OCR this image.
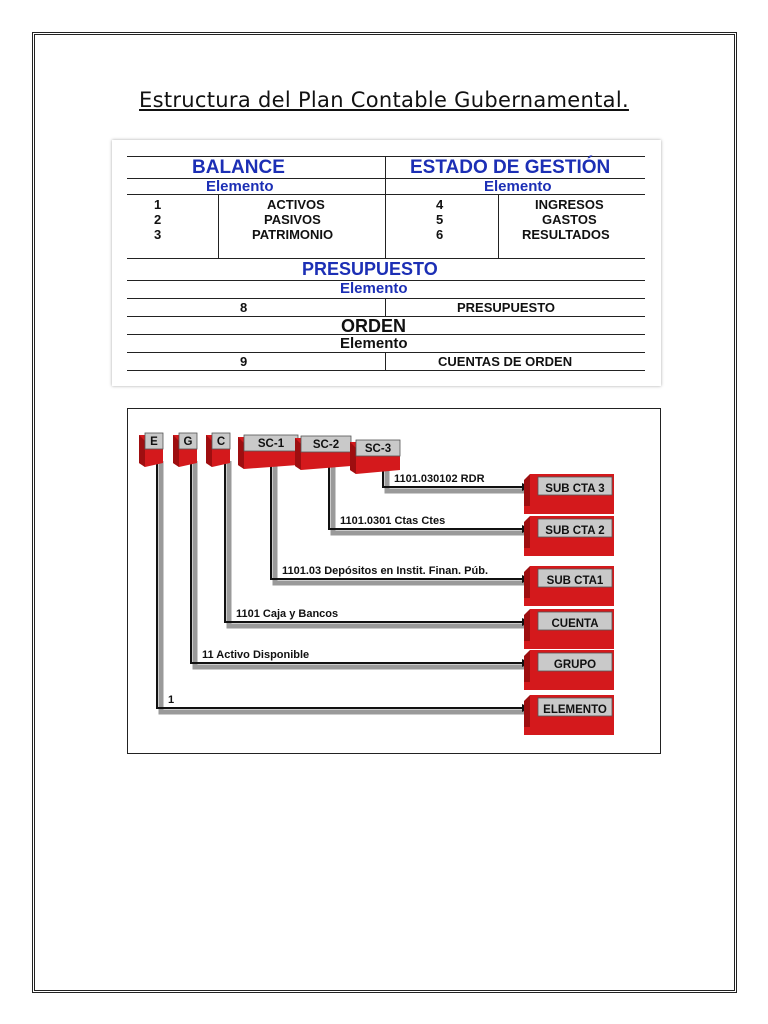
Estructura del Plan Contable Gubernamental.
BALANCE
Elemento
1	ACTIVOS
2	PASIVOS
3	PATRIMONIO
ESTADO DE GESTIÓN
Elemento
4	INGRESOS
5	GASTOS
6	RESULTADOS
PRESUPUESTO
Elemento
8	PRESUPUESTO
ORDEN
Elemento
9	CUENTAS DE ORDEN
1101.030102 RDR
SUB CTA 3
1101.0301 Ctas Ctes
SUB CTA 2
1101.03 Depósitos en Instit. Finan. Púb.
SUB CTA1
1101 Caja y Bancos
CUENTA
11 Activo Disponible
GRUPO
1
ELEMENTO
E G C	SC-1	SC-2 SC-3
